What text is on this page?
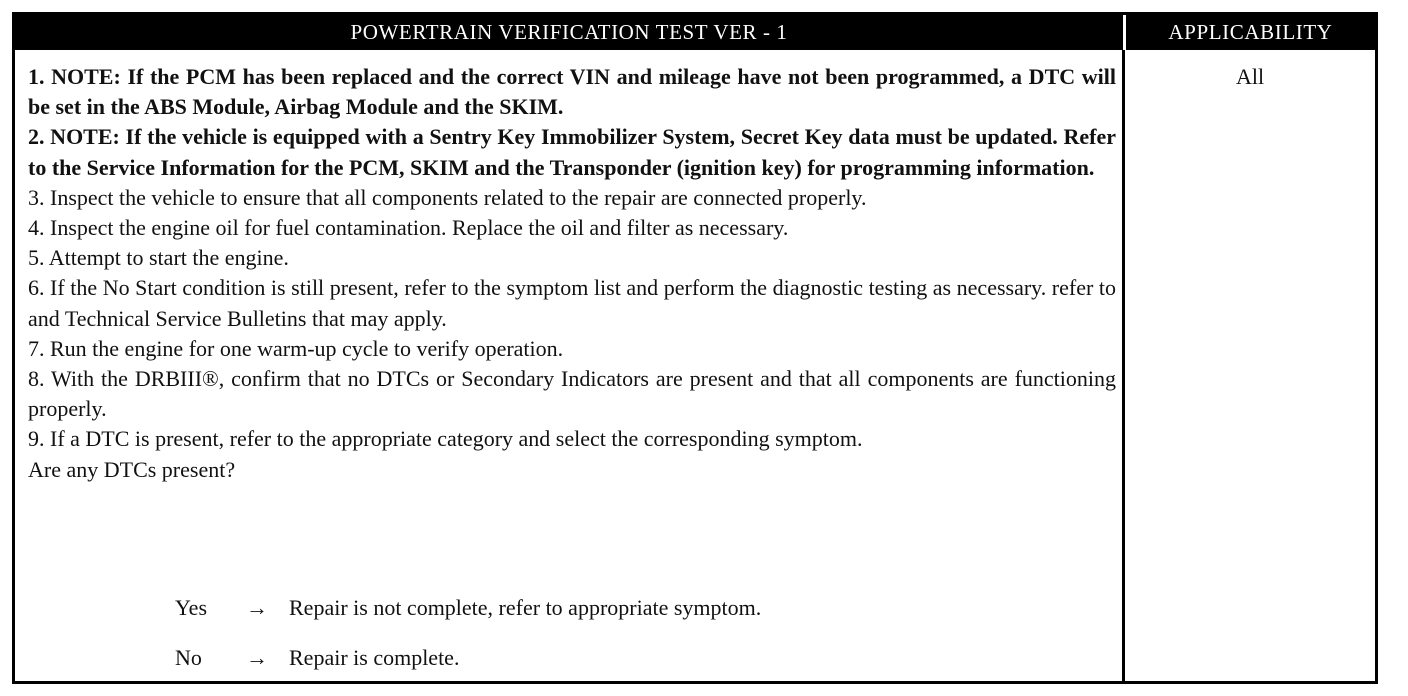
POWERTRAIN VERIFICATION TEST VER - 1	APPLICABILITY
1. NOTE: If the PCM has been replaced and the correct VIN and mileage have not been programmed, a DTC will be set in the ABS Module, Airbag Module and the SKIM.
2. NOTE: If the vehicle is equipped with a Sentry Key Immobilizer System, Secret Key data must be updated. Refer to the Service Information for the PCM, SKIM and the Transponder (ignition key) for programming information.
3. Inspect the vehicle to ensure that all components related to the repair are connected properly.
4. Inspect the engine oil for fuel contamination. Replace the oil and filter as necessary.
5. Attempt to start the engine.
6. If the No Start condition is still present, refer to the symptom list and perform the diagnostic testing as necessary. refer to and Technical Service Bulletins that may apply.
7. Run the engine for one warm-up cycle to verify operation.
8. With the DRBIII®, confirm that no DTCs or Secondary Indicators are present and that all components are functioning properly.
9. If a DTC is present, refer to the appropriate category and select the corresponding symptom.
Are any DTCs present?
Yes → Repair is not complete, refer to appropriate symptom.
No → Repair is complete.
All
